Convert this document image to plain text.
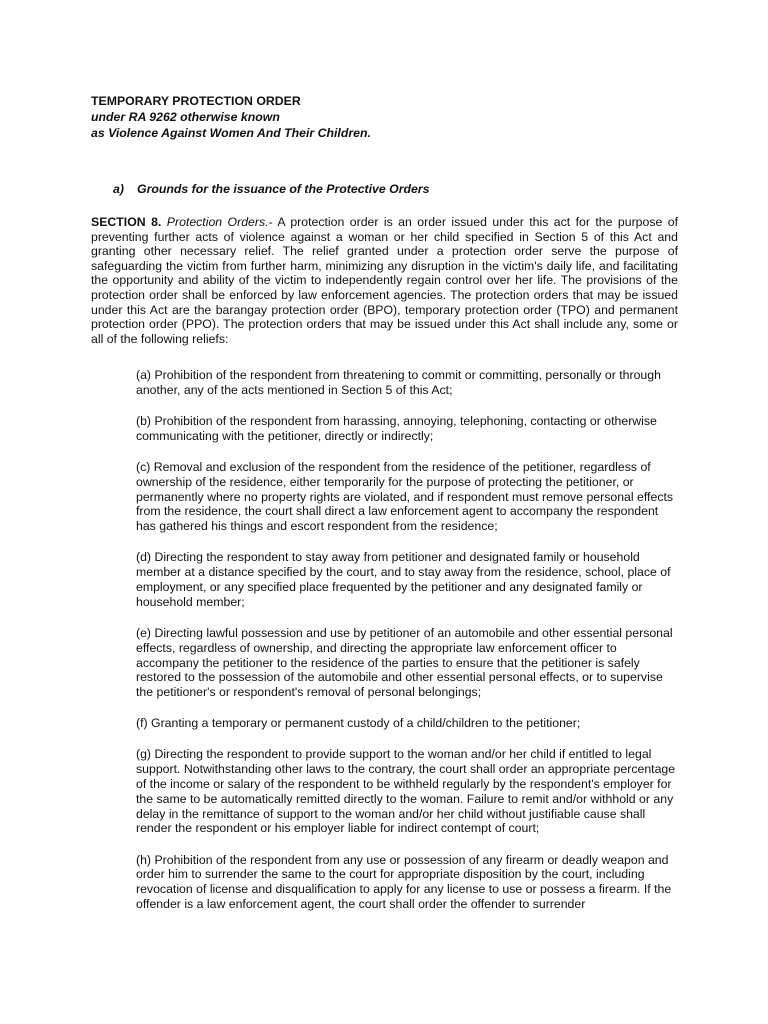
TEMPORARY PROTECTION ORDER
under RA 9262 otherwise known
as Violence Against Women And Their Children.
a) Grounds for the issuance of the Protective Orders
SECTION 8. Protection Orders.- A protection order is an order issued under this act for the purpose of preventing further acts of violence against a woman or her child specified in Section 5 of this Act and granting other necessary relief. The relief granted under a protection order serve the purpose of safeguarding the victim from further harm, minimizing any disruption in the victim's daily life, and facilitating the opportunity and ability of the victim to independently regain control over her life. The provisions of the protection order shall be enforced by law enforcement agencies. The protection orders that may be issued under this Act are the barangay protection order (BPO), temporary protection order (TPO) and permanent protection order (PPO). The protection orders that may be issued under this Act shall include any, some or all of the following reliefs:

(a) Prohibition of the respondent from threatening to commit or committing, personally or through another, any of the acts mentioned in Section 5 of this Act;

(b) Prohibition of the respondent from harassing, annoying, telephoning, contacting or otherwise communicating with the petitioner, directly or indirectly;

(c) Removal and exclusion of the respondent from the residence of the petitioner, regardless of ownership of the residence, either temporarily for the purpose of protecting the petitioner, or permanently where no property rights are violated, and if respondent must remove personal effects from the residence, the court shall direct a law enforcement agent to accompany the respondent has gathered his things and escort respondent from the residence;

(d) Directing the respondent to stay away from petitioner and designated family or household member at a distance specified by the court, and to stay away from the residence, school, place of employment, or any specified place frequented by the petitioner and any designated family or household member;

(e) Directing lawful possession and use by petitioner of an automobile and other essential personal effects, regardless of ownership, and directing the appropriate law enforcement officer to accompany the petitioner to the residence of the parties to ensure that the petitioner is safely restored to the possession of the automobile and other essential personal effects, or to supervise the petitioner's or respondent's removal of personal belongings;

(f) Granting a temporary or permanent custody of a child/children to the petitioner;

(g) Directing the respondent to provide support to the woman and/or her child if entitled to legal support. Notwithstanding other laws to the contrary, the court shall order an appropriate percentage of the income or salary of the respondent to be withheld regularly by the respondent's employer for the same to be automatically remitted directly to the woman. Failure to remit and/or withhold or any delay in the remittance of support to the woman and/or her child without justifiable cause shall render the respondent or his employer liable for indirect contempt of court;

(h) Prohibition of the respondent from any use or possession of any firearm or deadly weapon and order him to surrender the same to the court for appropriate disposition by the court, including revocation of license and disqualification to apply for any license to use or possess a firearm. If the offender is a law enforcement agent, the court shall order the offender to surrender
